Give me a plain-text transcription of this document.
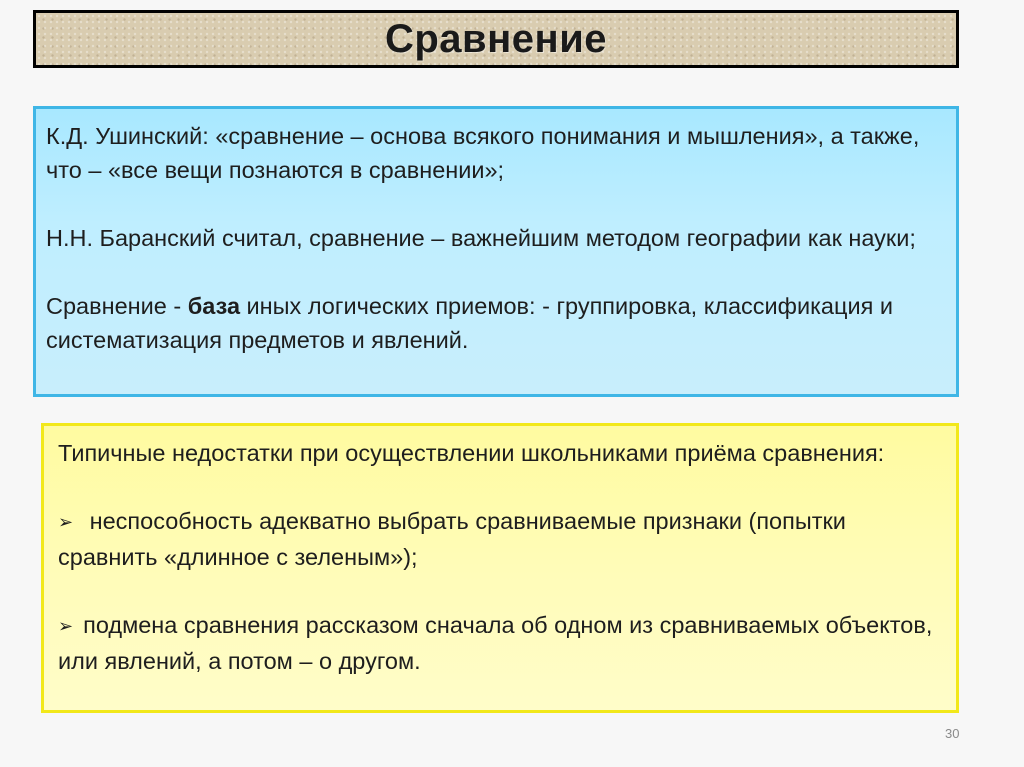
Сравнение

К.Д. Ушинский: «сравнение – основа всякого понимания и мышления», а также, что – «все вещи познаются в сравнении»;

Н.Н. Баранский считал, сравнение – важнейшим методом географии как науки;

Сравнение - база иных логических приемов: - группировка, классификация и систематизация предметов и явлений.

Типичные недостатки при осуществлении школьниками приёма сравнения:

➢ неспособность адекватно выбрать сравниваемые признаки (попытки сравнить «длинное с зеленым»);

➢ подмена сравнения рассказом сначала об одном из сравниваемых объектов, или явлений, а потом – о другом.

30
